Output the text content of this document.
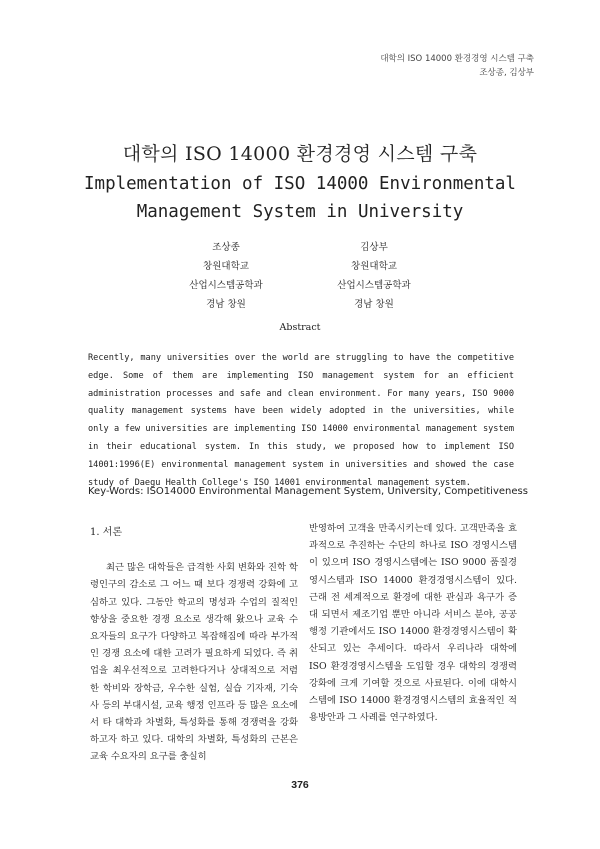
대학의 ISO 14000 환경경영 시스템 구축
조상종, 김상부
대학의 ISO 14000 환경경영 시스템 구축
Implementation of ISO 14000 Environmental
Management System in University
조상종
창원대학교
산업시스템공학과
경남 창원
김상부
창원대학교
산업시스템공학과
경남 창원
Abstract
Recently, many universities over the world are struggling to have the competitive edge. Some of them are implementing ISO management system for an efficient administration processes and safe and clean environment. For many years, ISO 9000 quality management systems have been widely adopted in the universities, while only a few universities are implementing ISO 14000 environmental management system in their educational system. In this study, we proposed how to implement ISO 14001:1996(E) environmental management system in universities and showed the case study of Daegu Health College's ISO 14001 environmental management system.
Key-Words: ISO14000 Environmental Management System, University, Competitiveness
1. 서론

최근 많은 대학들은 급격한 사회 변화와 진학 학령인구의 감소로 그 어느 때 보다 경쟁력 강화에 고심하고 있다. 그동안 학교의 명성과 수업의 질적인 향상을 중요한 경쟁 요소로 생각해 왔으나 교육 수요자들의 요구가 다양하고 복잡해짐에 따라 부가적인 경쟁 요소에 대한 고려가 필요하게 되었다. 즉 취업을 최우선적으로 고려한다거나 상대적으로 저렴한 학비와 장학금, 우수한 실험, 실습 기자재, 기숙사 등의 부대시설, 교육 행정 인프라 등 많은 요소에서 타 대학과 차별화, 특성화를 통해 경쟁력을 강화하고자 하고 있다. 대학의 차별화, 특성화의 근본은 교육 수요자의 요구를 충실히

반영하여 고객을 만족시키는데 있다. 고객만족을 효과적으로 추진하는 수단의 하나로 ISO 경영시스템이 있으며 ISO 경영시스템에는 ISO 9000 품질경영시스템과 ISO 14000 환경경영시스템이 있다. 근래 전 세계적으로 환경에 대한 관심과 욕구가 증대 되면서 제조기업 뿐만 아니라 서비스 분야, 공공 행정 기관에서도 ISO 14000 환경경영시스템이 확산되고 있는 추세이다. 따라서 우리나라 대학에 ISO 환경경영시스템을 도입할 경우 대학의 경쟁력 강화에 크게 기여할 것으로 사료된다. 이에 대학시스템에 ISO 14000 환경경영시스템의 효율적인 적용방안과 그 사례를 연구하였다.

376
